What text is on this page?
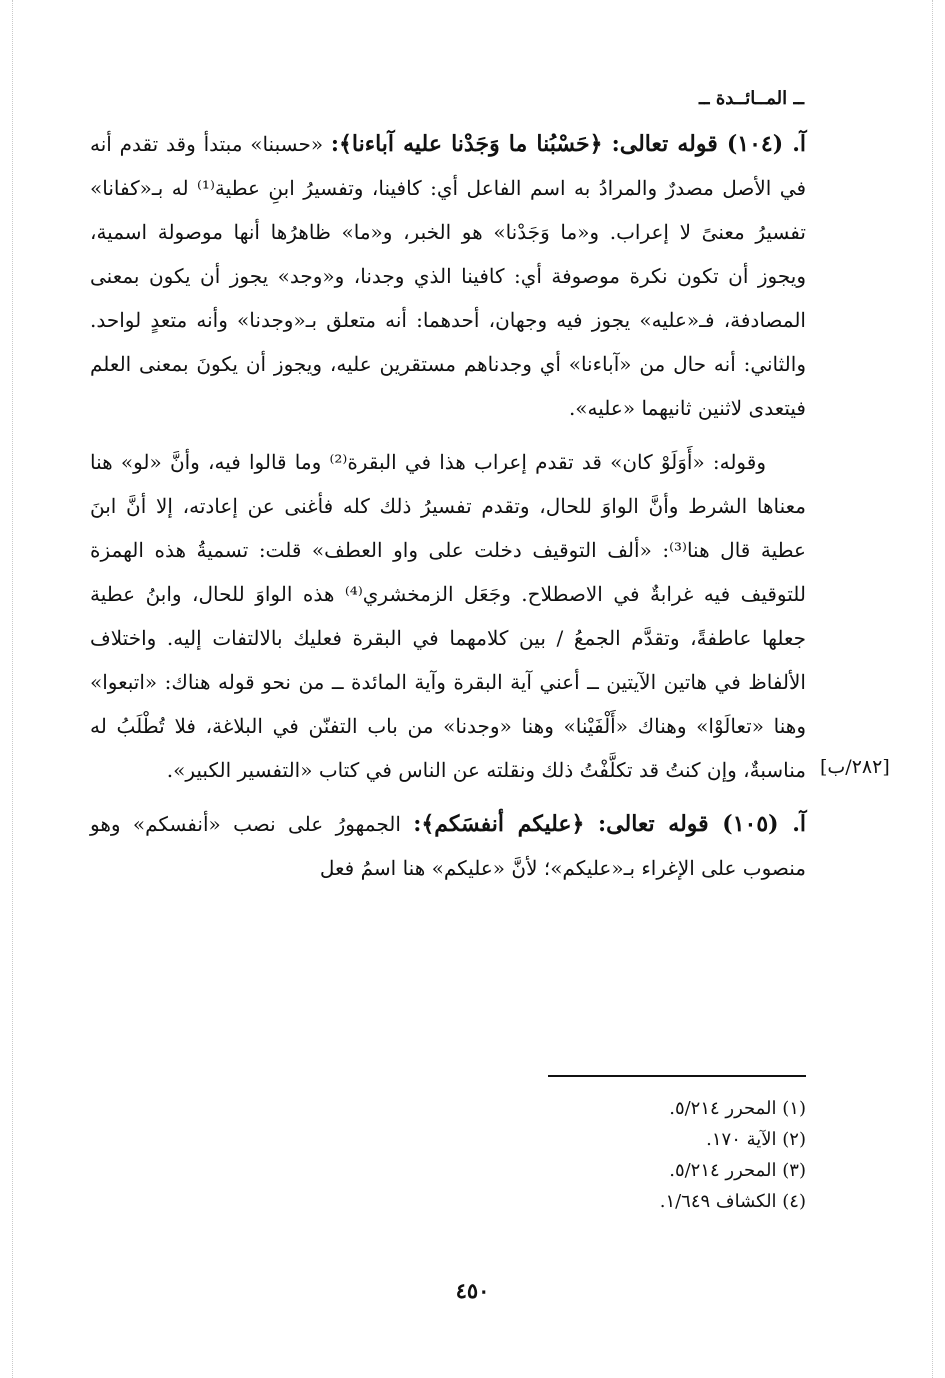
ــ المــائــدة ــ

آ. (١٠٤) قوله تعالى: ﴿حَسْبُنا ما وَجَدْنا عليه آباءنا﴾: «حسبنا» مبتدأ وقد تقدم أنه في الأصل مصدرٌ والمرادُ به اسم الفاعل أي: كافينا، وتفسيرُ ابنِ عطية⁽¹⁾ له بـ«كفانا» تفسيرُ معنىً لا إعراب. و«ما وَجَدْنا» هو الخبر، و«ما» ظاهرُها أنها موصولة اسمية، ويجوز أن تكون نكرة موصوفة أي: كافينا الذي وجدنا، و«وجد» يجوز أن يكون بمعنى المصادفة، فـ«عليه» يجوز فيه وجهان، أحدهما: أنه متعلق بـ«وجدنا» وأنه متعدٍ لواحد. والثاني: أنه حال من «آباءنا» أي وجدناهم مستقرين عليه، ويجوز أن يكونَ بمعنى العلم فيتعدى لاثنين ثانيهما «عليه».

وقوله: «أَوَلَوْ كان» قد تقدم إعراب هذا في البقرة⁽²⁾ وما قالوا فيه، وأنَّ «لو» هنا معناها الشرط وأنَّ الواوَ للحال، وتقدم تفسيرُ ذلك كله فأغنى عن إعادته، إلا أنَّ ابنَ عطية قال هنا⁽³⁾: «ألف التوقيف دخلت على واو العطف» قلت: تسميةُ هذه الهمزة للتوقيف فيه غرابةٌ في الاصطلاح. وجَعَل الزمخشري⁽⁴⁾ هذه الواوَ للحال، وابنُ عطية جعلها عاطفةً، وتقدَّم الجمعُ / بين كلامهما في البقرة فعليك بالالتفات إليه. واختلاف الألفاظ في هاتين الآيتين ــ أعني آية البقرة وآية المائدة ــ من نحو قوله هناك: «اتبعوا» وهنا «تعالَوْا» وهناك «أَلْفَيْنا» وهنا «وجدنا» من باب التفنّن في البلاغة، فلا تُطْلَبُ له مناسبةٌ، وإن كنتُ قد تكلَّفْتُ ذلك ونقلته عن الناس في كتاب «التفسير الكبير».

آ. (١٠٥) قوله تعالى: ﴿عليكم أنفسَكم﴾: الجمهورُ على نصب «أنفسكم» وهو منصوب على الإغراء بـ«عليكم»؛ لأنَّ «عليكم» هنا اسمُ فعل

[٢٨٢/ب]
(١) المحرر ٥/٢١٤.
(٢) الآية ١٧٠.
(٣) المحرر ٥/٢١٤.
(٤) الكشاف ١/٦٤٩.
٤٥٠
